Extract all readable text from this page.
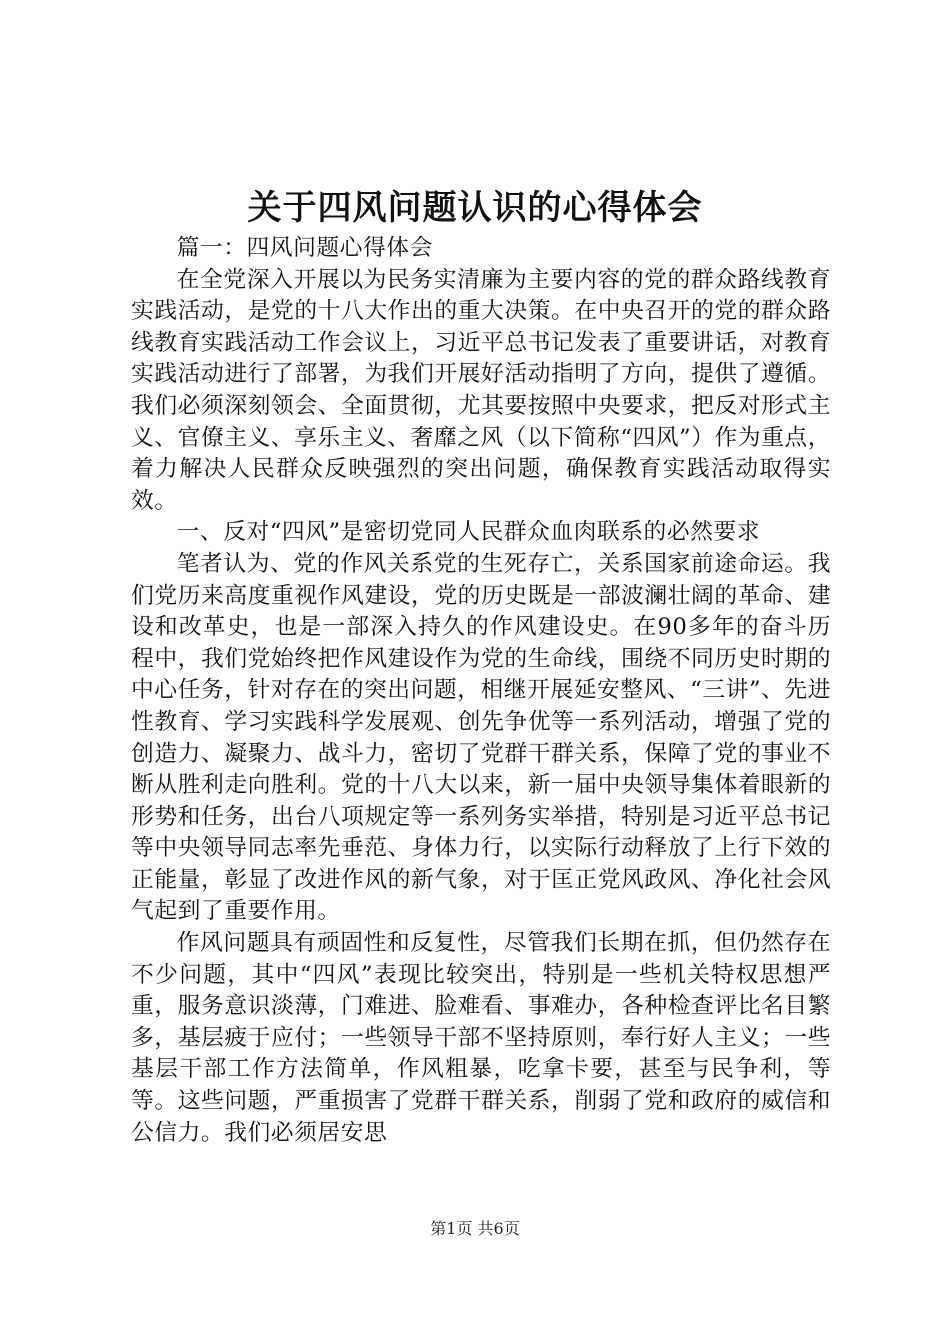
关于四风问题认识的心得体会

篇一：四风问题心得体会

在全党深入开展以为民务实清廉为主要内容的党的群众路线教育实践活动，是党的十八大作出的重大决策。在中央召开的党的群众路线教育实践活动工作会议上，习近平总书记发表了重要讲话，对教育实践活动进行了部署，为我们开展好活动指明了方向，提供了遵循。我们必须深刻领会、全面贯彻，尤其要按照中央要求，把反对形式主义、官僚主义、享乐主义、奢靡之风（以下简称“四风”）作为重点，着力解决人民群众反映强烈的突出问题，确保教育实践活动取得实效。

一、反对“四风”是密切党同人民群众血肉联系的必然要求

笔者认为、党的作风关系党的生死存亡，关系国家前途命运。我们党历来高度重视作风建设，党的历史既是一部波澜壮阔的革命、建设和改革史，也是一部深入持久的作风建设史。在90多年的奋斗历程中，我们党始终把作风建设作为党的生命线，围绕不同历史时期的中心任务，针对存在的突出问题，相继开展延安整风、“三讲”、先进性教育、学习实践科学发展观、创先争优等一系列活动，增强了党的创造力、凝聚力、战斗力，密切了党群干群关系，保障了党的事业不断从胜利走向胜利。党的十八大以来，新一届中央领导集体着眼新的形势和任务，出台八项规定等一系列务实举措，特别是习近平总书记等中央领导同志率先垂范、身体力行，以实际行动释放了上行下效的正能量，彰显了改进作风的新气象，对于匡正党风政风、净化社会风气起到了重要作用。

作风问题具有顽固性和反复性，尽管我们长期在抓，但仍然存在不少问题，其中“四风”表现比较突出，特别是一些机关特权思想严重，服务意识淡薄，门难进、脸难看、事难办，各种检查评比名目繁多，基层疲于应付；一些领导干部不坚持原则，奉行好人主义；一些基层干部工作方法简单，作风粗暴，吃拿卡要，甚至与民争利，等等。这些问题，严重损害了党群干群关系，削弱了党和政府的威信和公信力。我们必须居安思

第1页 共6页
